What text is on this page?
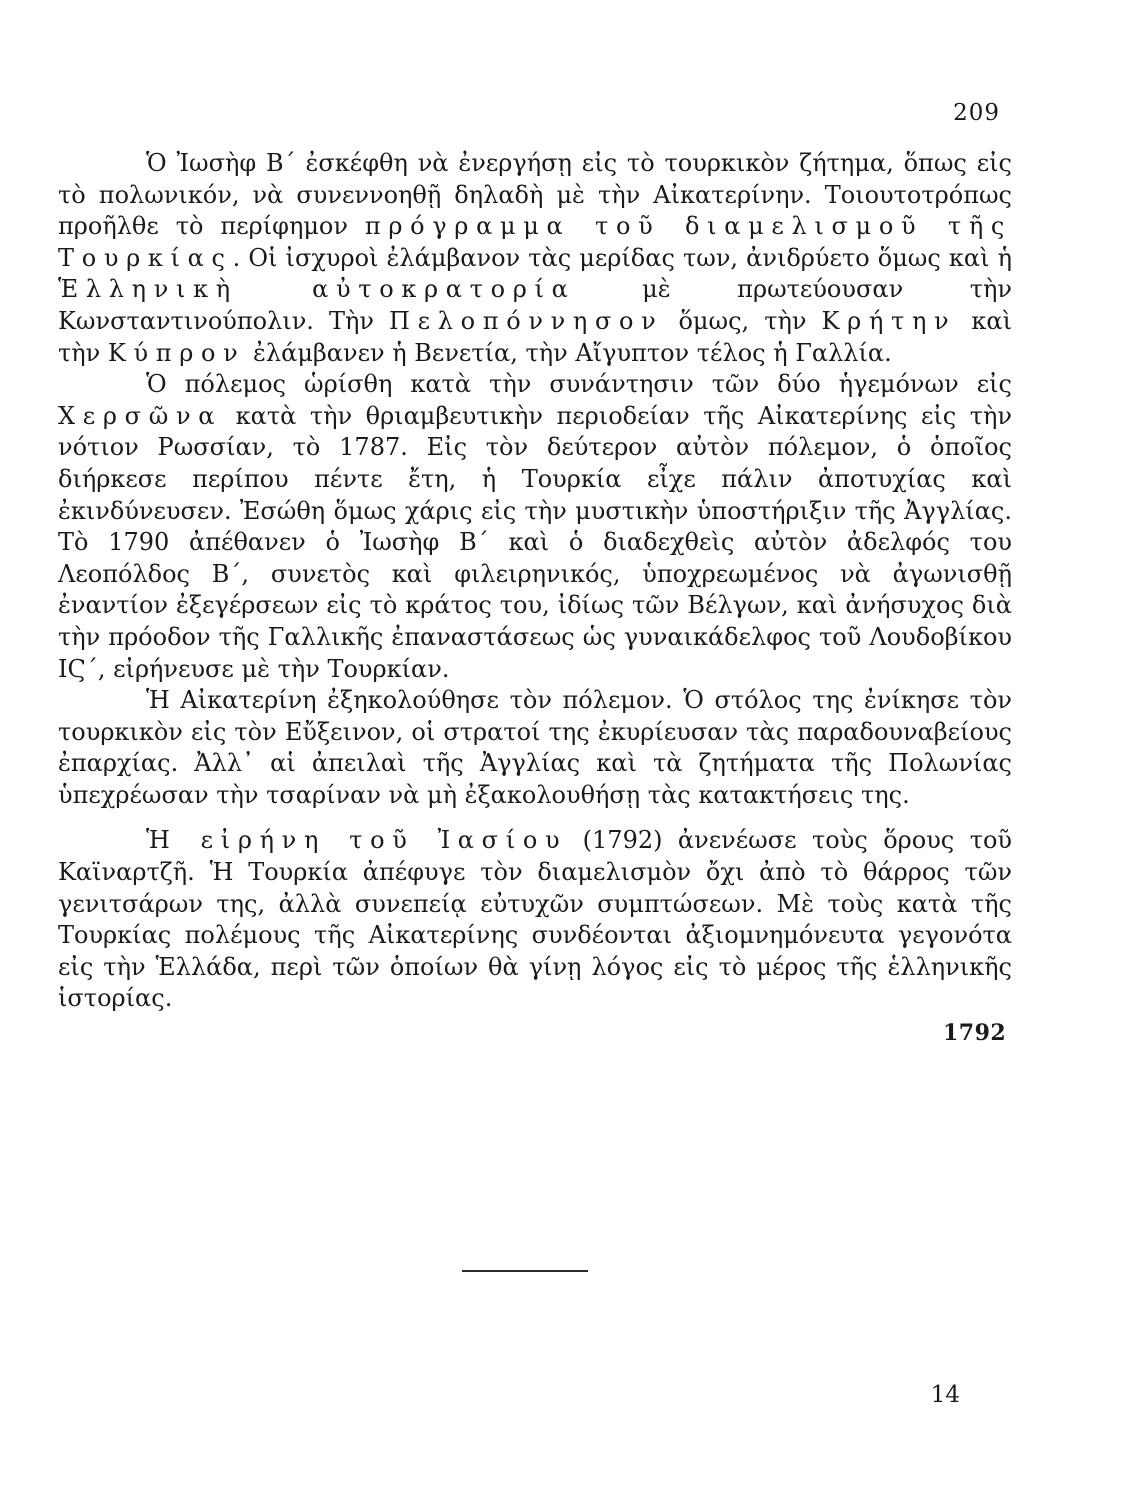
209

Ὁ Ἰωσὴφ Β΄ ἐσκέφθη νὰ ἐνεργήσῃ εἰς τὸ τουρκικὸν ζήτημα, ὅπως εἰς τὸ πολωνικόν, νὰ συνεννοηθῇ δηλαδὴ μὲ τὴν Αἰκατερίνην. Τοιουτοτρόπως προῆλθε τὸ περίφημον πρόγραμμα τοῦ διαμελισμοῦ τῆς Τουρκίας. Οἱ ἰσχυροὶ ἐλάμβανον τὰς μερίδας των, ἀνιδρύετο ὅμως καὶ ἡ Ἑλληνικὴ αὐτοκρατορία μὲ πρωτεύουσαν τὴν Κωνσταντινούπολιν. Τὴν Πελοπόννησον ὅμως, τὴν Κρήτην καὶ τὴν Κύπρον ἐλάμβανεν ἡ Βενετία, τὴν Αἴγυπτον τέλος ἡ Γαλλία.

Ὁ πόλεμος ὡρίσθη κατὰ τὴν συνάντησιν τῶν δύο ἡγεμόνων εἰς Χερσῶνα κατὰ τὴν θριαμβευτικὴν περιοδείαν τῆς Αἰκατερίνης εἰς τὴν νότιον Ρωσσίαν, τὸ 1787. Εἰς τὸν δεύτερον αὐτὸν πόλεμον, ὁ ὁποῖος διήρκεσε περίπου πέντε ἔτη, ἡ Τουρκία εἶχε πάλιν ἀποτυχίας καὶ ἐκινδύνευσεν. Ἐσώθη ὅμως χάρις εἰς τὴν μυστικὴν ὑποστήριξιν τῆς Ἀγγλίας. Τὸ 1790 ἀπέθανεν ὁ Ἰωσὴφ Β΄ καὶ ὁ διαδεχθεὶς αὐτὸν ἀδελφός του Λεοπόλδος Β΄, συνετὸς καὶ φιλειρηνικός, ὑποχρεωμένος νὰ ἀγωνισθῇ ἐναντίον ἐξεγέρσεων εἰς τὸ κράτος του, ἰδίως τῶν Βέλγων, καὶ ἀνήσυχος διὰ τὴν πρόοδον τῆς Γαλλικῆς ἐπαναστάσεως ὡς γυναικάδελφος τοῦ Λουδοβίκου ΙϚ΄, εἰρήνευσε μὲ τὴν Τουρκίαν.

Ἡ Αἰκατερίνη ἐξηκολούθησε τὸν πόλεμον. Ὁ στόλος της ἐνίκησε τὸν τουρκικὸν εἰς τὸν Εὔξεινον, οἱ στρατοί της ἐκυρίευσαν τὰς παραδουναβείους ἐπαρχίας. Ἀλλ᾿ αἱ ἀπειλαὶ τῆς Ἀγγλίας καὶ τὰ ζητήματα τῆς Πολωνίας ὑπεχρέωσαν τὴν τσαρίναν νὰ μὴ ἐξακολουθήσῃ τὰς κατακτήσεις της.

Ἡ εἰρήνη τοῦ Ἰασίου (1792) ἀνενέωσε τοὺς ὅρους τοῦ Καϊναρτζῆ. Ἡ Τουρκία ἀπέφυγε τὸν διαμελισμὸν ὄχι ἀπὸ τὸ θάρρος τῶν γενιτσάρων της, ἀλλὰ συνεπείᾳ εὐτυχῶν συμπτώσεων. Μὲ τοὺς κατὰ τῆς Τουρκίας πολέμους τῆς Αἰκατερίνης συνδέονται ἀξιομνημόνευτα γεγονότα εἰς τὴν Ἑλλάδα, περὶ τῶν ὁποίων θὰ γίνῃ λόγος εἰς τὸ μέρος τῆς ἑλληνικῆς ἱστορίας.

1792
14
